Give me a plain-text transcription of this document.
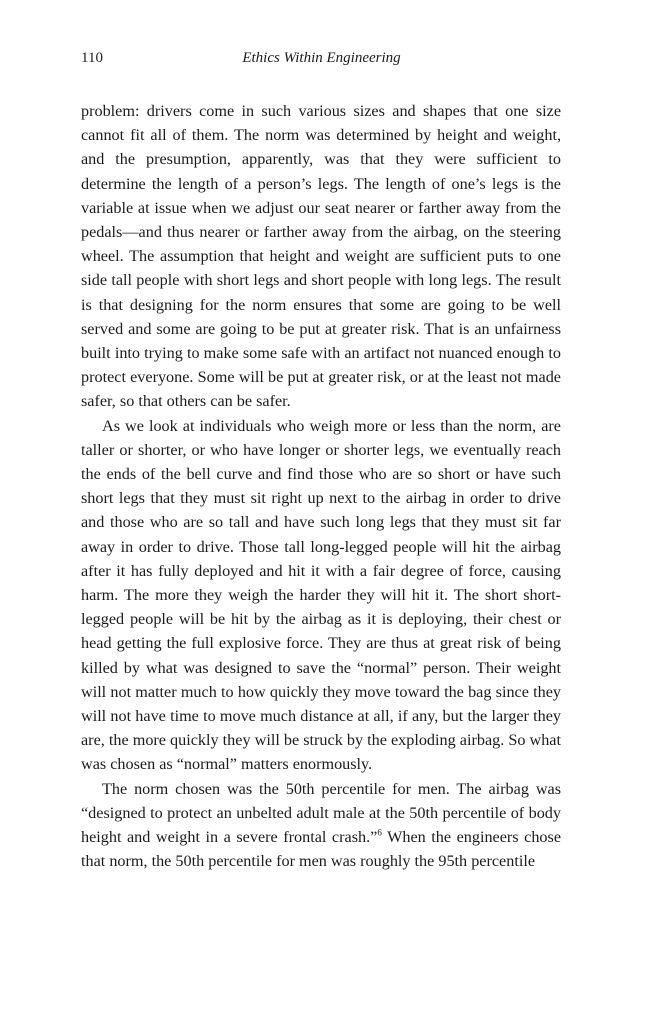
110	Ethics Within Engineering

problem: drivers come in such various sizes and shapes that one size cannot fit all of them. The norm was determined by height and weight, and the presumption, apparently, was that they were sufficient to determine the length of a person’s legs. The length of one’s legs is the variable at issue when we adjust our seat nearer or farther away from the pedals—and thus nearer or farther away from the airbag, on the steering wheel. The assumption that height and weight are sufficient puts to one side tall people with short legs and short people with long legs. The result is that designing for the norm ensures that some are going to be well served and some are going to be put at greater risk. That is an unfairness built into trying to make some safe with an artifact not nuanced enough to protect everyone. Some will be put at greater risk, or at the least not made safer, so that others can be safer.

As we look at individuals who weigh more or less than the norm, are taller or shorter, or who have longer or shorter legs, we eventually reach the ends of the bell curve and find those who are so short or have such short legs that they must sit right up next to the airbag in order to drive and those who are so tall and have such long legs that they must sit far away in order to drive. Those tall long-legged people will hit the airbag after it has fully deployed and hit it with a fair degree of force, causing harm. The more they weigh the harder they will hit it. The short short-legged people will be hit by the airbag as it is deploying, their chest or head getting the full explosive force. They are thus at great risk of being killed by what was designed to save the “normal” person. Their weight will not matter much to how quickly they move toward the bag since they will not have time to move much distance at all, if any, but the larger they are, the more quickly they will be struck by the exploding airbag. So what was chosen as “normal” matters enormously.

The norm chosen was the 50th percentile for men. The airbag was “designed to protect an unbelted adult male at the 50th percentile of body height and weight in a severe frontal crash.”$^6$ When the engineers chose that norm, the 50th percentile for men was roughly the 95th percentile
